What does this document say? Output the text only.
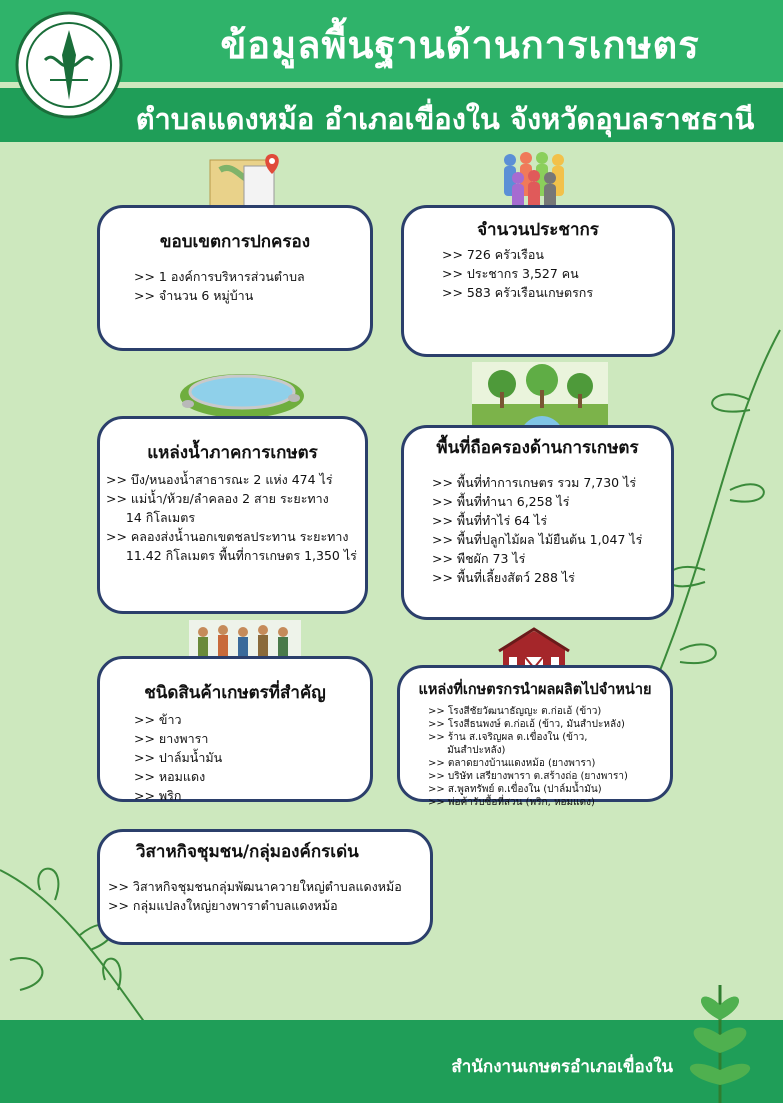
ข้อมูลพื้นฐานด้านการเกษตร
ตำบลแดงหม้อ อำเภอเขื่องใน จังหวัดอุบลราชธานี
ขอบเขตการปกครอง
>> 1 องค์การบริหารส่วนตำบล
>> จำนวน 6 หมู่บ้าน
จำนวนประชากร
>> 726 ครัวเรือน
>> ประชากร 3,527 คน
>> 583 ครัวเรือนเกษตรกร
แหล่งน้ำภาคการเกษตร
>> บึง/หนองน้ำสาธารณะ 2 แห่ง 474 ไร่
>> แม่น้ำ/ห้วย/ลำคลอง 2 สาย ระยะทาง
14 กิโลเมตร
>> คลองส่งน้ำนอกเขตชลประทาน ระยะทาง
11.42 กิโลเมตร พื้นที่การเกษตร 1,350 ไร่
พื้นที่ถือครองด้านการเกษตร
>> พื้นที่ทำการเกษตร รวม 7,730 ไร่
>> พื้นที่ทำนา 6,258 ไร่
>> พื้นที่ทำไร่ 64 ไร่
>> พื้นที่ปลูกไม้ผล ไม้ยืนต้น 1,047 ไร่
>> พืชผัก 73 ไร่
>> พื้นที่เลี้ยงสัตว์ 288 ไร่
ชนิดสินค้าเกษตรที่สำคัญ
>> ข้าว
>> ยางพารา
>> ปาล์มน้ำมัน
>> หอมแดง
>> พริก
แหล่งที่เกษตรกรนำผลผลิตไปจำหน่าย
>> โรงสีชัยวัฒนาธัญญะ ต.ก่อเอ้ (ข้าว)
>> โรงสีธนพงษ์ ต.ก่อเอ้ (ข้าว, มันสำปะหลัง)
>> ร้าน ส.เจริญผล ต.เขื่องใน (ข้าว,
มันสำปะหลัง)
>> ตลาดยางบ้านแดงหม้อ (ยางพารา)
>> บริษัท เสรียางพารา ต.สร้างถ่อ (ยางพารา)
>> ส.พูลทรัพย์ ต.เขื่องใน (ปาล์มน้ำมัน)
>> พ่อค้ารับซื้อที่สวน (พริก, หอมแดง)
วิสาหกิจชุมชน/กลุ่มองค์กรเด่น
>> วิสาหกิจชุมชนกลุ่มพัฒนาควายใหญ่ตำบลแดงหม้อ
>> กลุ่มแปลงใหญ่ยางพาราตำบลแดงหม้อ
สำนักงานเกษตรอำเภอเขื่องใน
